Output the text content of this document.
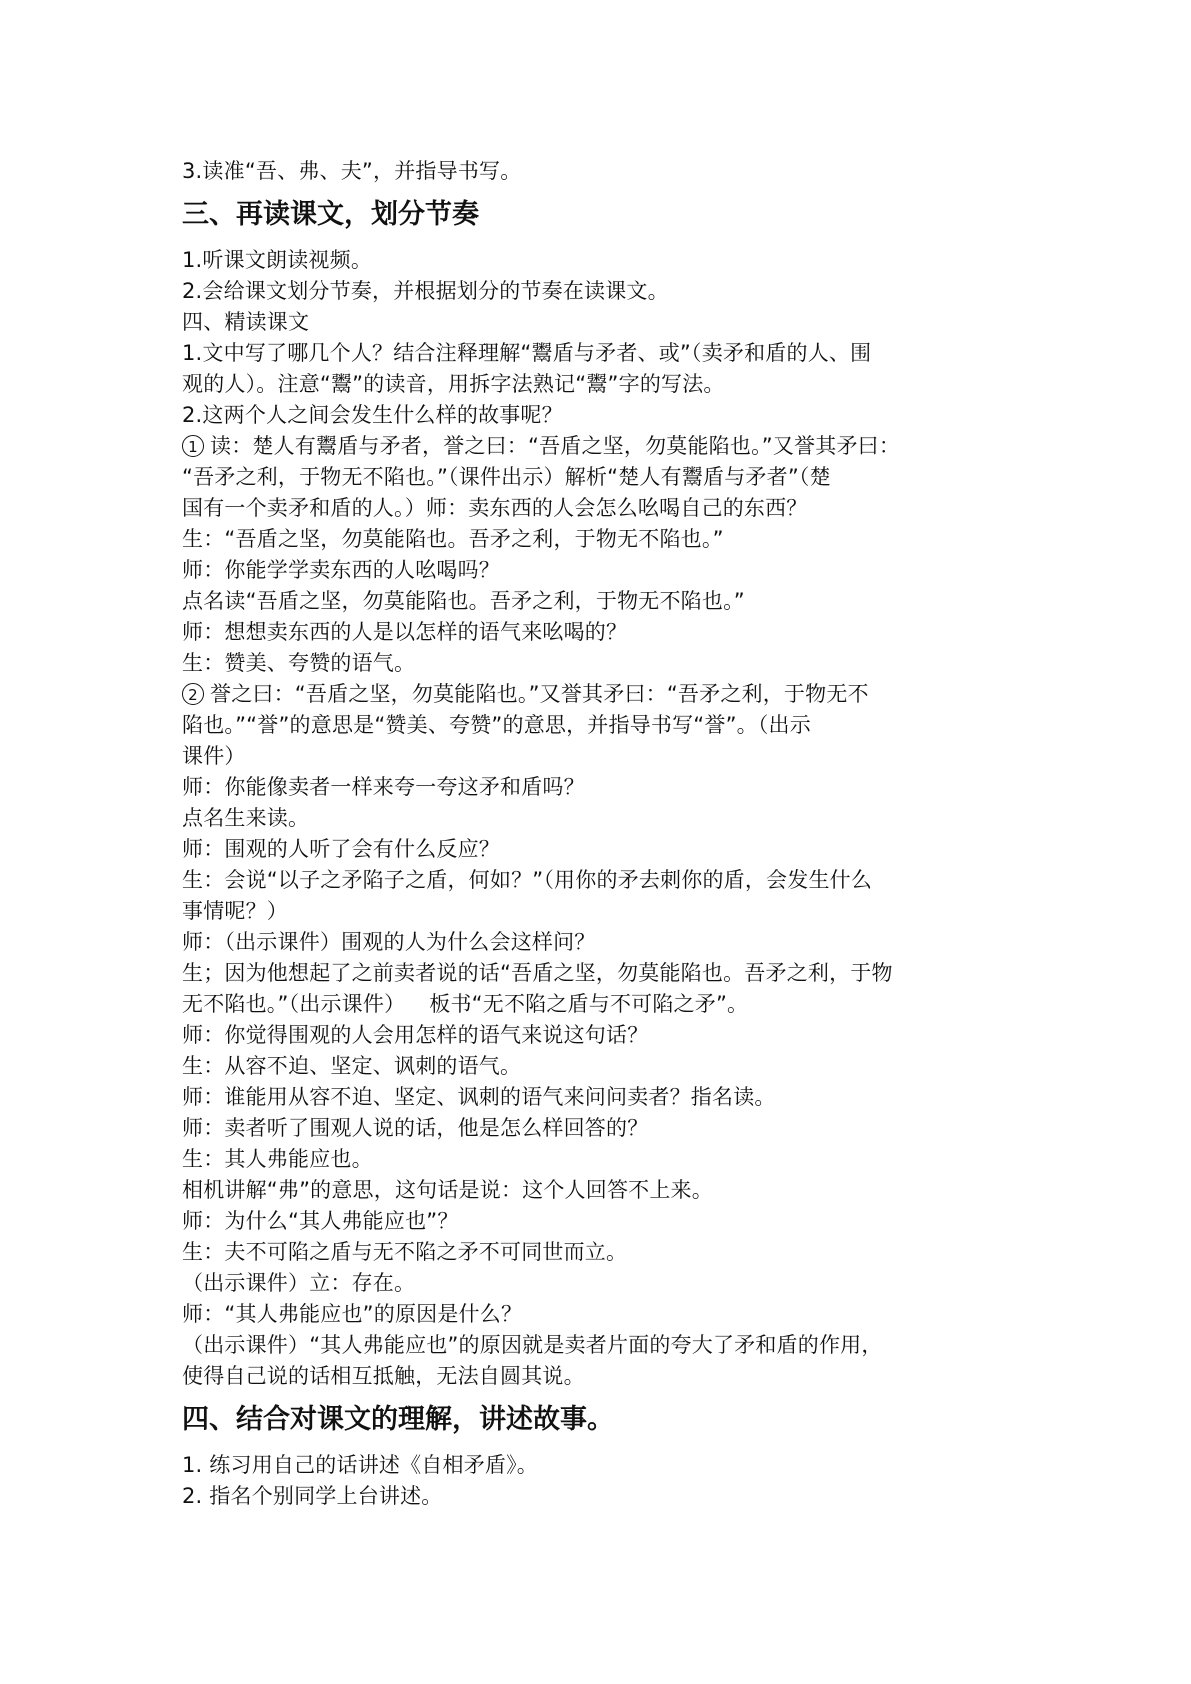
3.读准“吾、弗、夫”，并指导书写。
三、再读课文，划分节奏
1.听课文朗读视频。
2.会给课文划分节奏，并根据划分的节奏在读课文。
四、精读课文
1.文中写了哪几个人？结合注释理解“鬻盾与矛者、或”（卖矛和盾的人、围
观的人）。注意“鬻”的读音，用拆字法熟记“鬻”字的写法。
2.这两个人之间会发生什么样的故事呢？
1 读：楚人有鬻盾与矛者，誉之曰：“吾盾之坚，勿莫能陷也。”又誉其矛曰：
“吾矛之利，于物无不陷也。”（课件出示）解析“楚人有鬻盾与矛者”（楚
国有一个卖矛和盾的人。）师：卖东西的人会怎么吆喝自己的东西？
生：“吾盾之坚，勿莫能陷也。吾矛之利，于物无不陷也。”
师：你能学学卖东西的人吆喝吗？
点名读“吾盾之坚，勿莫能陷也。吾矛之利，于物无不陷也。”
师：想想卖东西的人是以怎样的语气来吆喝的？
生：赞美、夸赞的语气。
2 誉之曰：“吾盾之坚，勿莫能陷也。”又誉其矛曰：“吾矛之利，于物无不
陷也。”“誉”的意思是“赞美、夸赞”的意思，并指导书写“誉”。（出示
课件）
师：你能像卖者一样来夸一夸这矛和盾吗？
点名生来读。
师：围观的人听了会有什么反应？
生：会说“以子之矛陷子之盾，何如？”（用你的矛去刺你的盾，会发生什么
事情呢？）
师：（出示课件）围观的人为什么会这样问？
生；因为他想起了之前卖者说的话“吾盾之坚，勿莫能陷也。吾矛之利，于物
无不陷也。”（出示课件） 板书“无不陷之盾与不可陷之矛”。
师：你觉得围观的人会用怎样的语气来说这句话？
生：从容不迫、坚定、讽刺的语气。
师：谁能用从容不迫、坚定、讽刺的语气来问问卖者？指名读。
师：卖者听了围观人说的话，他是怎么样回答的？
生：其人弗能应也。
相机讲解“弗”的意思，这句话是说：这个人回答不上来。
师：为什么“其人弗能应也”？
生：夫不可陷之盾与无不陷之矛不可同世而立。
（出示课件）立：存在。
师：“其人弗能应也”的原因是什么？
（出示课件）“其人弗能应也”的原因就是卖者片面的夸大了矛和盾的作用，
使得自己说的话相互抵触，无法自圆其说。
四、结合对课文的理解，讲述故事。
1. 练习用自己的话讲述《自相矛盾》。
2. 指名个别同学上台讲述。
